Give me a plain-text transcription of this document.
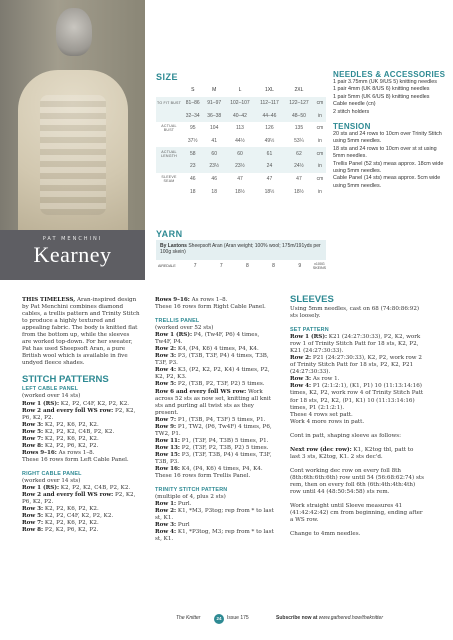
PAT MENCHINI
Kearney
SIZE
	S	M	L	1XL	2XL	
TO FIT BUST	81–86	91–97	102–107	112–117	122–127	cm
	32–34	36–38	40–42	44–46	48–50	in
ACTUAL BUST	95	104	113	126	135	cm
	37½	41	44½	49½	53¼	in
ACTUAL LENGTH	58	60	60	61	62	cm
	23	23½	23½	24	24½	in
SLEEVE SEAM	46	46	47	47	47	cm
	18	18	18½	18½	18½	in
YARN
By Laxtons Sheepsoft Aran (Aran weight; 100% wool; 175m/191yds per 100g skein)
AIREDALE	7	7	8	8	9	x100G SKEINS
NEEDLES & ACCESSORIES

1 pair 3.75mm (UK 9/US 5) knitting needles

1 pair 4mm (UK 8/US 6) knitting needles

1 pair 5mm (UK 6/US 8) knitting needles

Cable needle (cn)

2 stitch holders

TENSION

20 sts and 24 rows to 10cm over Trinity Stitch using 5mm needles.

18 sts and 24 rows to 10cm over st st using 5mm needles.

Trellis Panel (52 sts) meas approx. 18cm wide using 5mm needles.

Cable Panel (14 sts) meas approx. 5cm wide using 5mm needles.

THIS TIMELESS, Aran-inspired design by Pat Menchini combines diamond cables, a trellis pattern and Trinity Stitch to produce a highly textured and appealing fabric. The body is knitted flat from the bottom up, while the sleeves are worked top-down. For her sweater, Pat has used Sheepsoft Aran, a pure British wool which is available in five undyed fleece shades.

STITCH PATTERNS
LEFT CABLE PANEL

(worked over 14 sts)

Row 1 (RS): K2, P2, C4F, K2, P2, K2.

Row 2 and every foll WS row: P2, K2, P6, K2, P2.

Row 3: K2, P2, K6, P2, K2.

Row 5: K2, P2, K2, C4B, P2, K2.

Row 7: K2, P2, K6, P2, K2.

Row 8: K2, P2, P6, K2, P2.

Rows 9–16: As rows 1–8.

These 16 rows form Left Cable Panel.

RIGHT CABLE PANEL

(worked over 14 sts)

Row 1 (RS): K2, P2, K2, C4B, P2, K2.

Row 2 and every foll WS row: P2, K2, P6, K2, P2.

Row 3: K2, P2, K6, P2, K2.

Row 5: K2, P2, C4F, K2, P2, K2.

Row 7: K2, P2, K6, P2, K2.

Row 8: P2, K2, P6, K2, P2.

Rows 9–16: As rows 1–8.

These 16 rows form Right Cable Panel.

TRELLIS PANEL

(worked over 52 sts)

Row 1 (RS): P4, (Tw4F, P6) 4 times, Tw4F, P4.

Row 2: K4, (P4, K6) 4 times, P4, K4.

Row 3: P3, (T3B, T3F, P4) 4 times, T3B, T3F, P3.

Row 4: K3, (P2, K2, P2, K4) 4 times, P2, K2, P2, K3.

Row 5: P2, (T3B, P2, T3F, P2) 5 times.

Row 6 and every foll WS row: Work across 52 sts as now set, knitting all knit sts and purling all twist sts as they present.

Row 7: P1, (T3B, P4, T3F) 5 times, P1.

Row 9: P1, TW2, (P6, Tw4F) 4 times, P6, TW2, P1.

Row 11: P1, (T3F, P4, T3B) 5 times, P1.

Row 13: P2, (T3F, P2, T3B, P2) 5 times.

Row 15: P3, (T3F, T3B, P4) 4 times, T3F, T3B, P3.

Row 16: K4, (P4, K6) 4 times, P4, K4.

These 16 rows form Trellis Panel.

TRINITY STITCH PATTERN

(multiple of 4, plus 2 sts)

Row 1: Purl.

Row 2: K1, *M3, P3tog; rep from * to last st, K1.

Row 3: Purl

Row 4: K1, *P3tog, M3; rep from * to last st, K1.

SLEEVES

Using 5mm needles, cast on 68 (74:80:86:92) sts loosely.

SET PATTERN

Row 1 (RS): K21 (24:27:30:33), P2, K2, work row 1 of Trinity Stitch Patt for 18 sts, K2, P2, K21 (24:27:30:33).

Row 2: P21 (24:27:30:33), K2, P2, work row 2 of Trinity Stitch Patt for 18 sts, P2, K2, P21 (24:27:30:33).

Row 3: As row 1.

Row 4: P1 (2:1:2:1), (K1, P1) 10 (11:13:14:16) times, K2, P2, work row 4 of Trinity Stitch Patt for 18 sts, P2, K2, (P1, K1) 10 (11:13:14:16) times, P1 (2:1:2:1).

These 4 rows set patt.

Work 4 more rows in patt.

Cont in patt, shaping sleeve as follows:

Next row (dec row): K1, K2tog tbl, patt to last 3 sts, K2tog, K1. 2 sts dec'd.

Cont working dec row on every foll 8th (8th:6th:6th:6th) row until 54 (56:68:62:74) sts rem, then on every foll 6th (6th:4th:4th:4th) row until 44 (48:50:54:58) sts rem.

Work straight until Sleeve measures 41 (41:42:42:42) cm from beginning, ending after a WS row.

Change to 4mm needles.

The Knitter	24	Issue 175	Subscribe now at www.gathered.how/theknitter
